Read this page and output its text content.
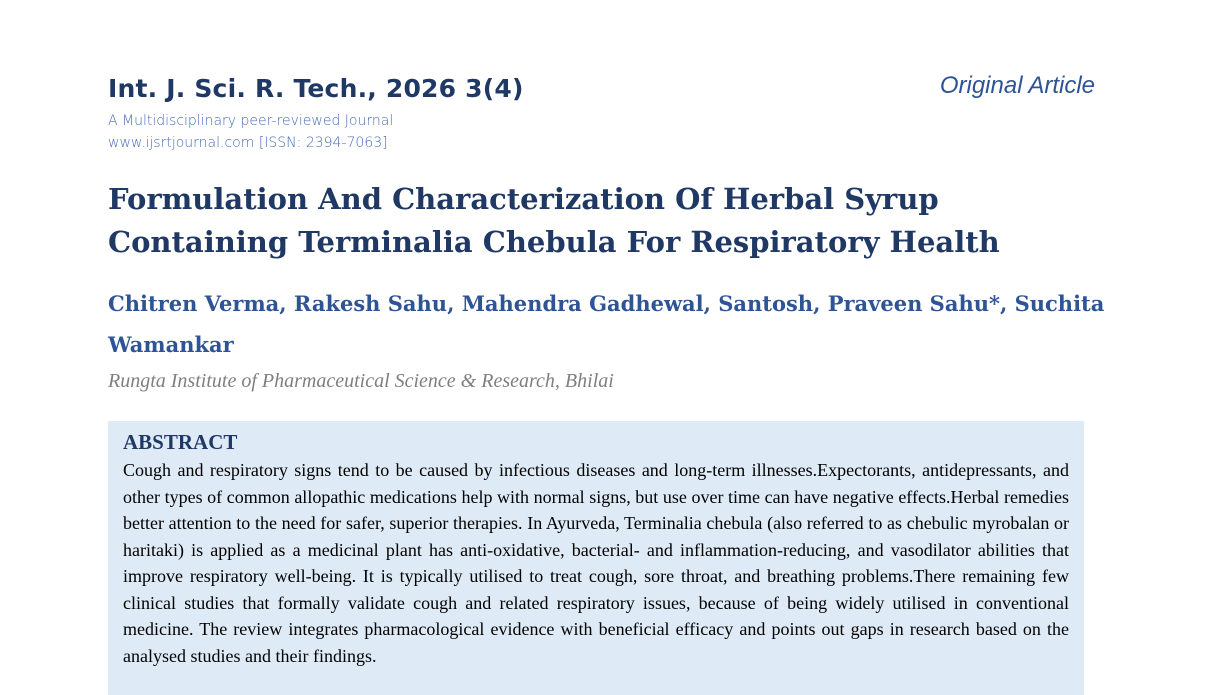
Int. J. Sci. R. Tech., 2026 3(4)	Original Article
A Multidisciplinary peer-reviewed Journal
www.ijsrtjournal.com [ISSN: 2394-7063]
Formulation And Characterization Of Herbal Syrup Containing Terminalia Chebula For Respiratory Health
Chitren Verma, Rakesh Sahu, Mahendra Gadhewal, Santosh, Praveen Sahu*, Suchita Wamankar
Rungta Institute of Pharmaceutical Science & Research, Bhilai
ABSTRACT

Cough and respiratory signs tend to be caused by infectious diseases and long-term illnesses.Expectorants, antidepressants, and other types of common allopathic medications help with normal signs, but use over time can have negative effects.Herbal remedies better attention to the need for safer, superior therapies. In Ayurveda, Terminalia chebula (also referred to as chebulic myrobalan or haritaki) is applied as a medicinal plant has anti-oxidative, bacterial- and inflammation-reducing, and vasodilator abilities that improve respiratory well-being. It is typically utilised to treat cough, sore throat, and breathing problems.There remaining few clinical studies that formally validate cough and related respiratory issues, because of being widely utilised in conventional medicine. The review integrates pharmacological evidence with beneficial efficacy and points out gaps in research based on the analysed studies and their findings.
